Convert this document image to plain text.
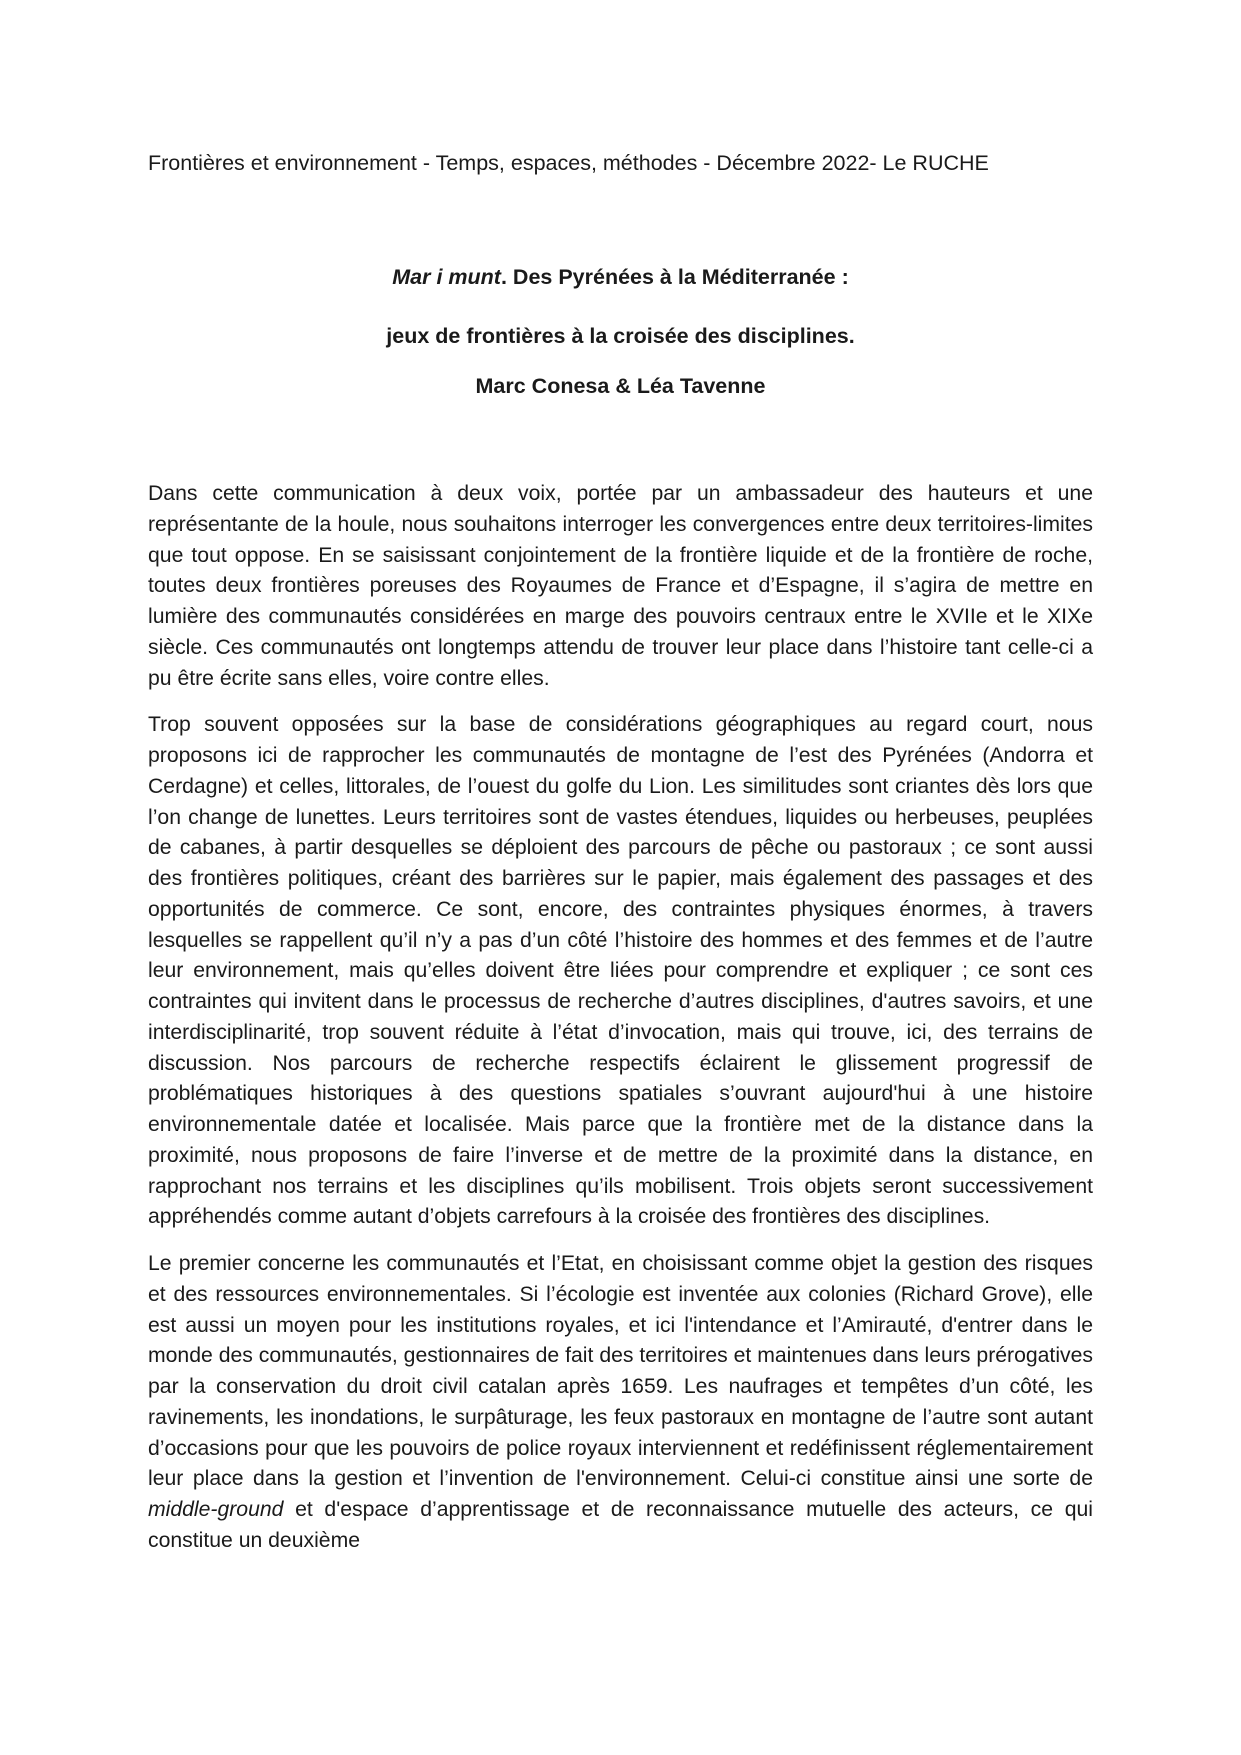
Frontières et environnement - Temps, espaces, méthodes - Décembre 2022- Le RUCHE
Mar i munt. Des Pyrénées à la Méditerranée :
jeux de frontières à la croisée des disciplines.
Marc Conesa & Léa Tavenne

Dans cette communication à deux voix, portée par un ambassadeur des hauteurs et une représentante de la houle, nous souhaitons interroger les convergences entre deux territoires-limites que tout oppose. En se saisissant conjointement de la frontière liquide et de la frontière de roche, toutes deux frontières poreuses des Royaumes de France et d’Espagne, il s’agira de mettre en lumière des communautés considérées en marge des pouvoirs centraux entre le XVIIe et le XIXe siècle. Ces communautés ont longtemps attendu de trouver leur place dans l’histoire tant celle-ci a pu être écrite sans elles, voire contre elles.

Trop souvent opposées sur la base de considérations géographiques au regard court, nous proposons ici de rapprocher les communautés de montagne de l’est des Pyrénées (Andorra et Cerdagne) et celles, littorales, de l’ouest du golfe du Lion. Les similitudes sont criantes dès lors que l’on change de lunettes. Leurs territoires sont de vastes étendues, liquides ou herbeuses, peuplées de cabanes, à partir desquelles se déploient des parcours de pêche ou pastoraux ; ce sont aussi des frontières politiques, créant des barrières sur le papier, mais également des passages et des opportunités de commerce. Ce sont, encore, des contraintes physiques énormes, à travers lesquelles se rappellent qu’il n’y a pas d’un côté l’histoire des hommes et des femmes et de l’autre leur environnement, mais qu’elles doivent être liées pour comprendre et expliquer ; ce sont ces contraintes qui invitent dans le processus de recherche d’autres disciplines, d'autres savoirs, et une interdisciplinarité, trop souvent réduite à l’état d’invocation, mais qui trouve, ici, des terrains de discussion. Nos parcours de recherche respectifs éclairent le glissement progressif de problématiques historiques à des questions spatiales s’ouvrant aujourd'hui à une histoire environnementale datée et localisée. Mais parce que la frontière met de la distance dans la proximité, nous proposons de faire l’inverse et de mettre de la proximité dans la distance, en rapprochant nos terrains et les disciplines qu’ils mobilisent. Trois objets seront successivement appréhendés comme autant d’objets carrefours à la croisée des frontières des disciplines.

Le premier concerne les communautés et l’Etat, en choisissant comme objet la gestion des risques et des ressources environnementales. Si l’écologie est inventée aux colonies (Richard Grove), elle est aussi un moyen pour les institutions royales, et ici l'intendance et l’Amirauté, d'entrer dans le monde des communautés, gestionnaires de fait des territoires et maintenues dans leurs prérogatives par la conservation du droit civil catalan après 1659. Les naufrages et tempêtes d’un côté, les ravinements, les inondations, le surpâturage, les feux pastoraux en montagne de l’autre sont autant d’occasions pour que les pouvoirs de police royaux interviennent et redéfinissent réglementairement leur place dans la gestion et l’invention de l'environnement. Celui-ci constitue ainsi une sorte de middle-ground et d'espace d’apprentissage et de reconnaissance mutuelle des acteurs, ce qui constitue un deuxième
